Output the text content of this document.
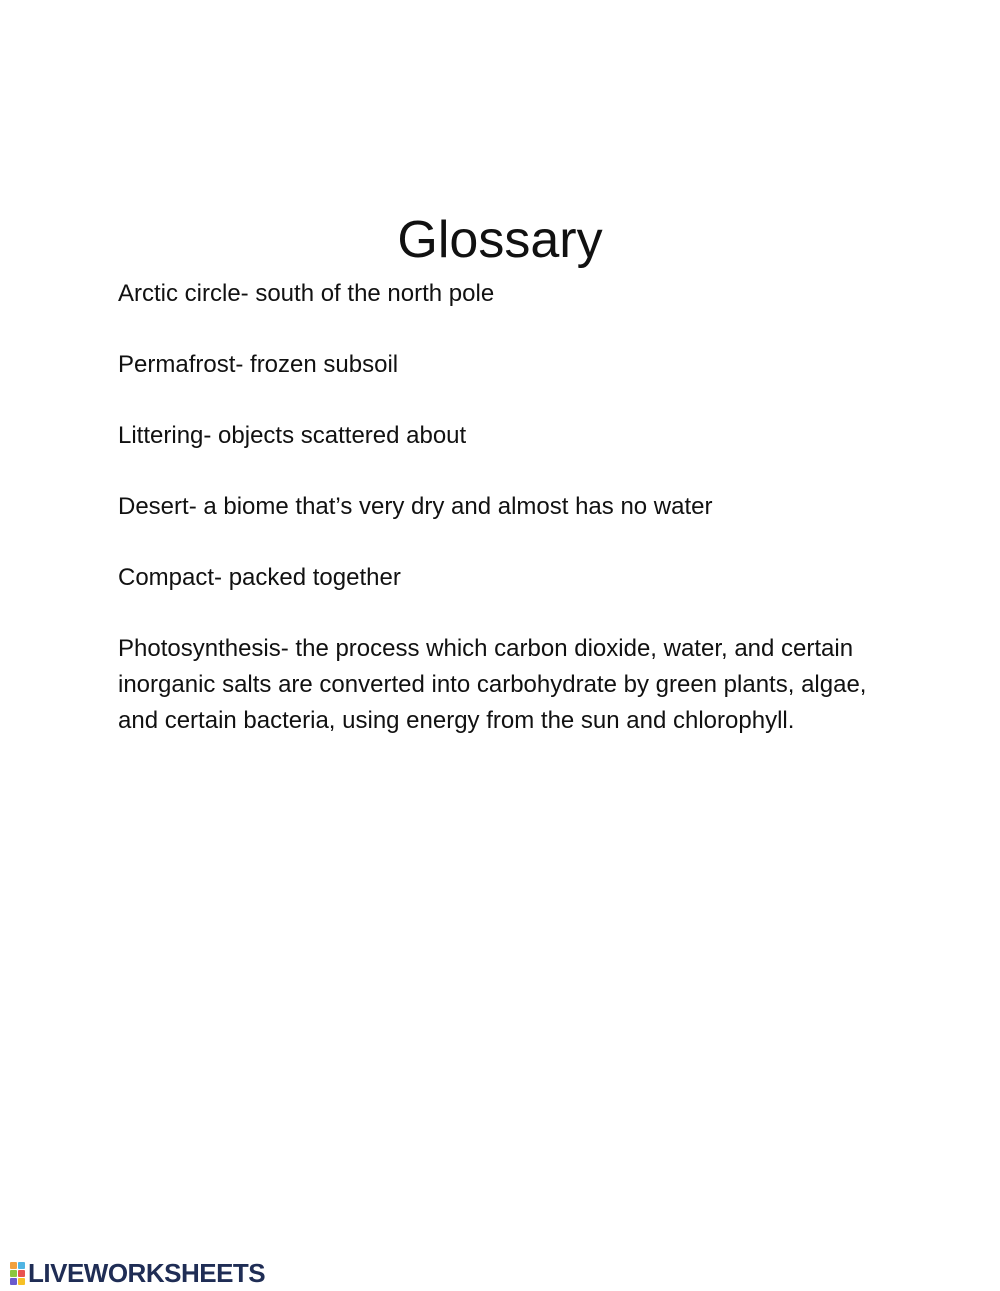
Glossary
Arctic circle- south of the north pole
Permafrost- frozen subsoil
Littering- objects scattered about
Desert- a biome that’s very dry and almost has no water
Compact- packed together
Photosynthesis- the process which carbon dioxide, water, and certain inorganic salts are converted into carbohydrate by green plants, algae, and certain bacteria, using energy from the sun and chlorophyll.
LIVEWORKSHEETS
